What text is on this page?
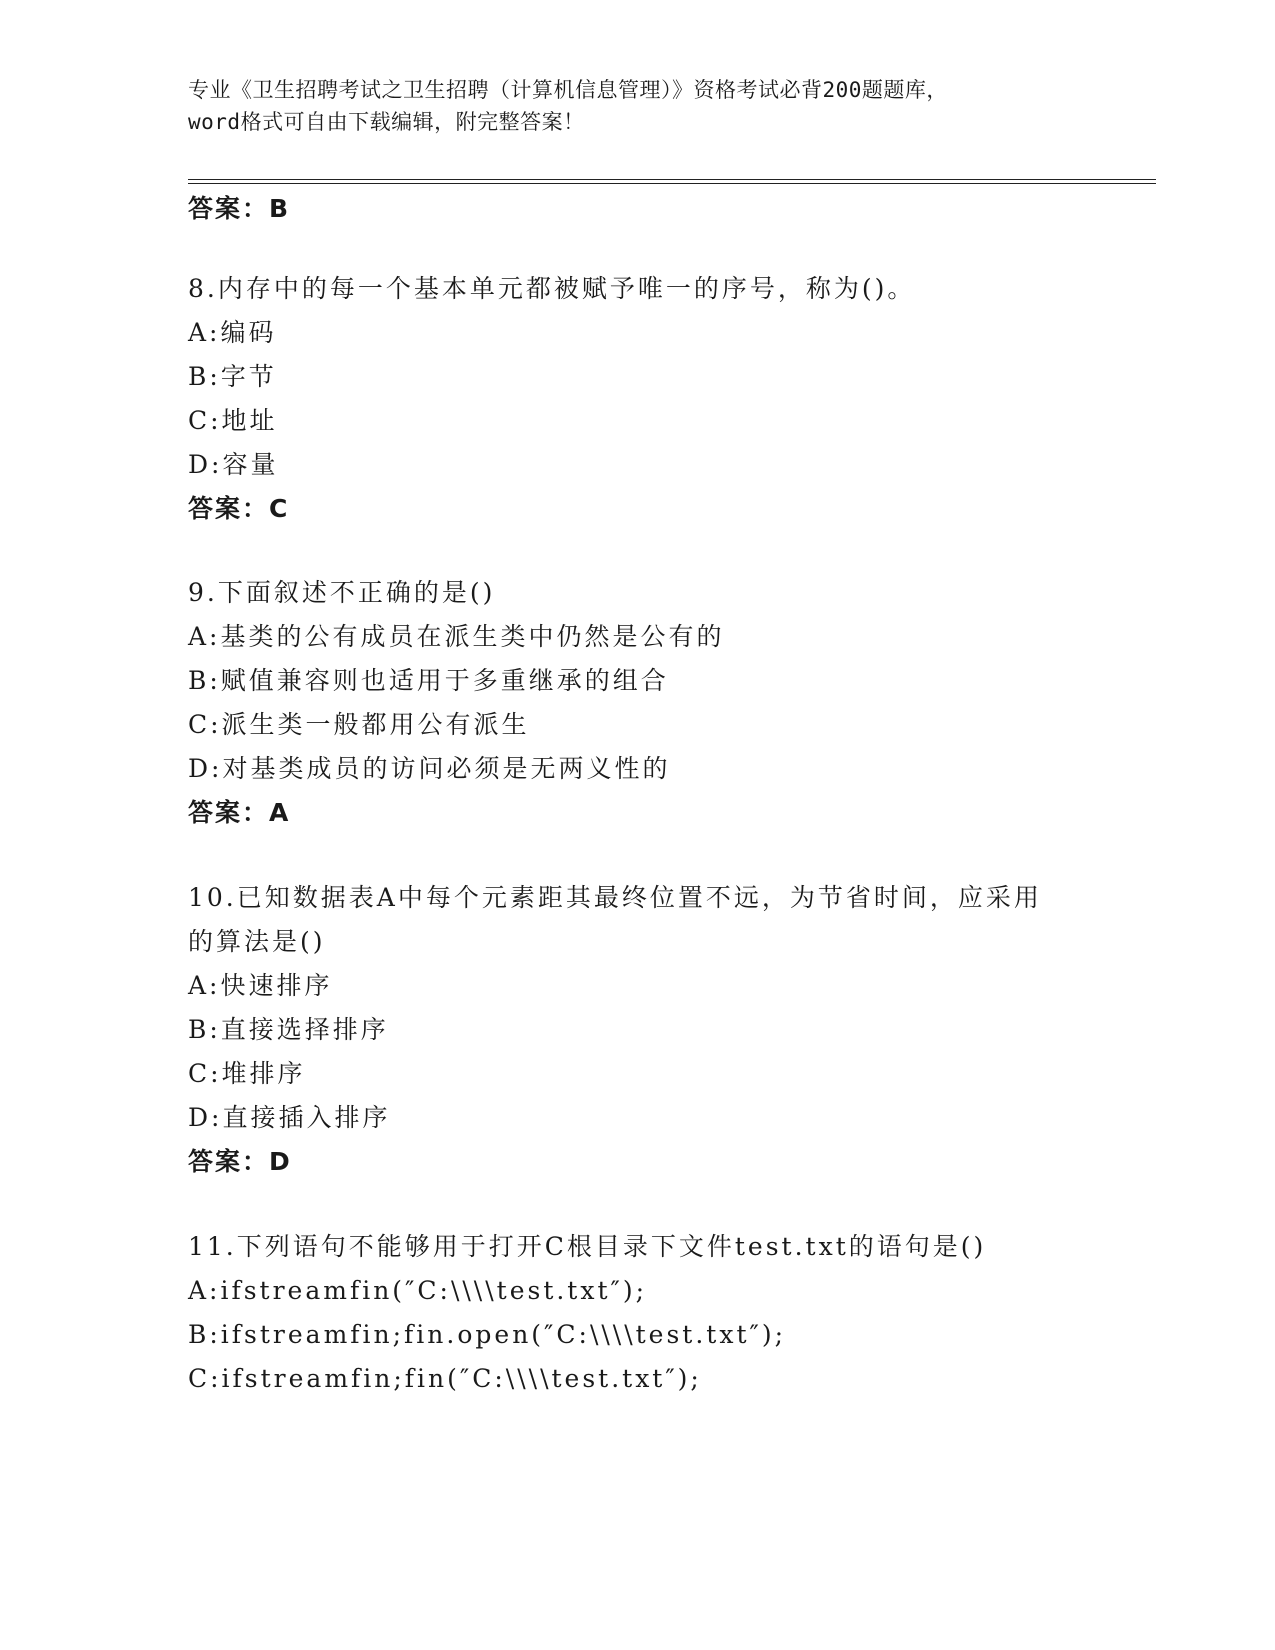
专业《卫生招聘考试之卫生招聘（计算机信息管理）》资格考试必背200题题库，
word格式可自由下载编辑，附完整答案！
答案：B
8.内存中的每一个基本单元都被赋予唯一的序号，称为()。
A:编码
B:字节
C:地址
D:容量
答案：C
9.下面叙述不正确的是()
A:基类的公有成员在派生类中仍然是公有的
B:赋值兼容则也适用于多重继承的组合
C:派生类一般都用公有派生
D:对基类成员的访问必须是无两义性的
答案：A
10.已知数据表A中每个元素距其最终位置不远，为节省时间，应采用
的算法是()
A:快速排序
B:直接选择排序
C:堆排序
D:直接插入排序
答案：D
11.下列语句不能够用于打开C根目录下文件test.txt的语句是()
A:ifstreamfin(″C:\\\\test.txt″);
B:ifstreamfin;fin.open(″C:\\\\test.txt″);
C:ifstreamfin;fin(″C:\\\\test.txt″);
